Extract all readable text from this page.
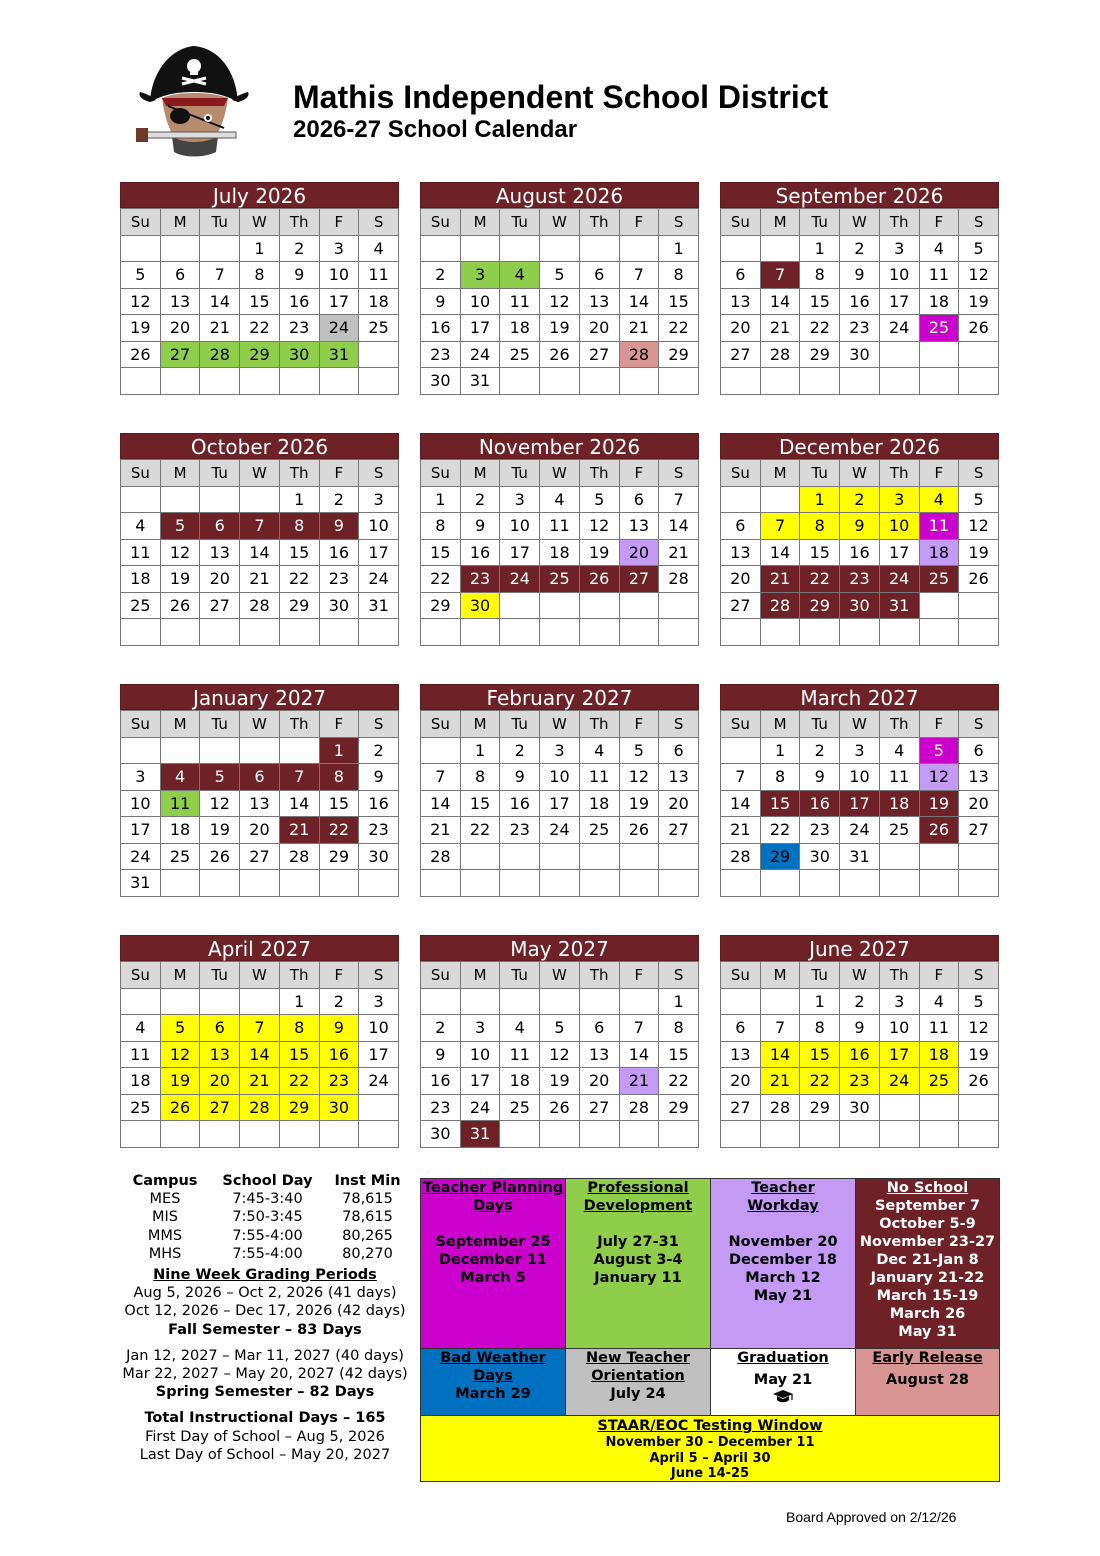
Mathis Independent School District
2026-27 School Calendar
July 2026
Su	M	Tu	W	Th	F	S
			1	2	3	4
5	6	7	8	9	10	11
12	13	14	15	16	17	18
19	20	21	22	23	24	25
26	27	28	29	30	31	

August 2026
Su	M	Tu	W	Th	F	S
						1
2	3	4	5	6	7	8
9	10	11	12	13	14	15
16	17	18	19	20	21	22
23	24	25	26	27	28	29
30	31					
September 2026
Su	M	Tu	W	Th	F	S
		1	2	3	4	5
6	7	8	9	10	11	12
13	14	15	16	17	18	19
20	21	22	23	24	25	26
27	28	29	30			

October 2026
Su	M	Tu	W	Th	F	S
				1	2	3
4	5	6	7	8	9	10
11	12	13	14	15	16	17
18	19	20	21	22	23	24
25	26	27	28	29	30	31

November 2026
Su	M	Tu	W	Th	F	S
1	2	3	4	5	6	7
8	9	10	11	12	13	14
15	16	17	18	19	20	21
22	23	24	25	26	27	28
29	30					

December 2026
Su	M	Tu	W	Th	F	S
		1	2	3	4	5
6	7	8	9	10	11	12
13	14	15	16	17	18	19
20	21	22	23	24	25	26
27	28	29	30	31		

January 2027
Su	M	Tu	W	Th	F	S
					1	2
3	4	5	6	7	8	9
10	11	12	13	14	15	16
17	18	19	20	21	22	23
24	25	26	27	28	29	30
31						
February 2027
Su	M	Tu	W	Th	F	S
	1	2	3	4	5	6
7	8	9	10	11	12	13
14	15	16	17	18	19	20
21	22	23	24	25	26	27
28						

March 2027
Su	M	Tu	W	Th	F	S
	1	2	3	4	5	6
7	8	9	10	11	12	13
14	15	16	17	18	19	20
21	22	23	24	25	26	27
28	29	30	31			

April 2027
Su	M	Tu	W	Th	F	S
				1	2	3
4	5	6	7	8	9	10
11	12	13	14	15	16	17
18	19	20	21	22	23	24
25	26	27	28	29	30	

May 2027
Su	M	Tu	W	Th	F	S
						1
2	3	4	5	6	7	8
9	10	11	12	13	14	15
16	17	18	19	20	21	22
23	24	25	26	27	28	29
30	31					
June 2027
Su	M	Tu	W	Th	F	S
		1	2	3	4	5
6	7	8	9	10	11	12
13	14	15	16	17	18	19
20	21	22	23	24	25	26
27	28	29	30			

Campus	School Day	Inst Min
MES	7:45-3:40	78,615
MIS	7:50-3:45	78,615
MMS	7:55-4:00	80,265
MHS	7:55-4:00	80,270
Nine Week Grading Periods
Aug 5, 2026 – Oct 2, 2026 (41 days)
Oct 12, 2026 – Dec 17, 2026 (42 days)
Fall Semester – 83 Days
Jan 12, 2027 – Mar 11, 2027 (40 days)
Mar 22, 2027 – May 20, 2027 (42 days)
Spring Semester – 82 Days
Total Instructional Days – 165
First Day of School – Aug 5, 2026
Last Day of School – May 20, 2027
Teacher Planning
Days
September 25
December 11
March 5
Professional
Development
July 27-31
August 3-4
January 11
Teacher
Workday
November 20
December 18
March 12
May 21
No School
September 7
October 5-9
November 23-27
Dec 21-Jan 8
January 21-22
March 15-19
March 26
May 31
Bad Weather
Days
March 29
New Teacher
Orientation
July 24
Graduation
May 21
Early Release
August 28
STAAR/EOC Testing Window
November 30 - December 11
April 5 – April 30
June 14-25
Board Approved on 2/12/26
